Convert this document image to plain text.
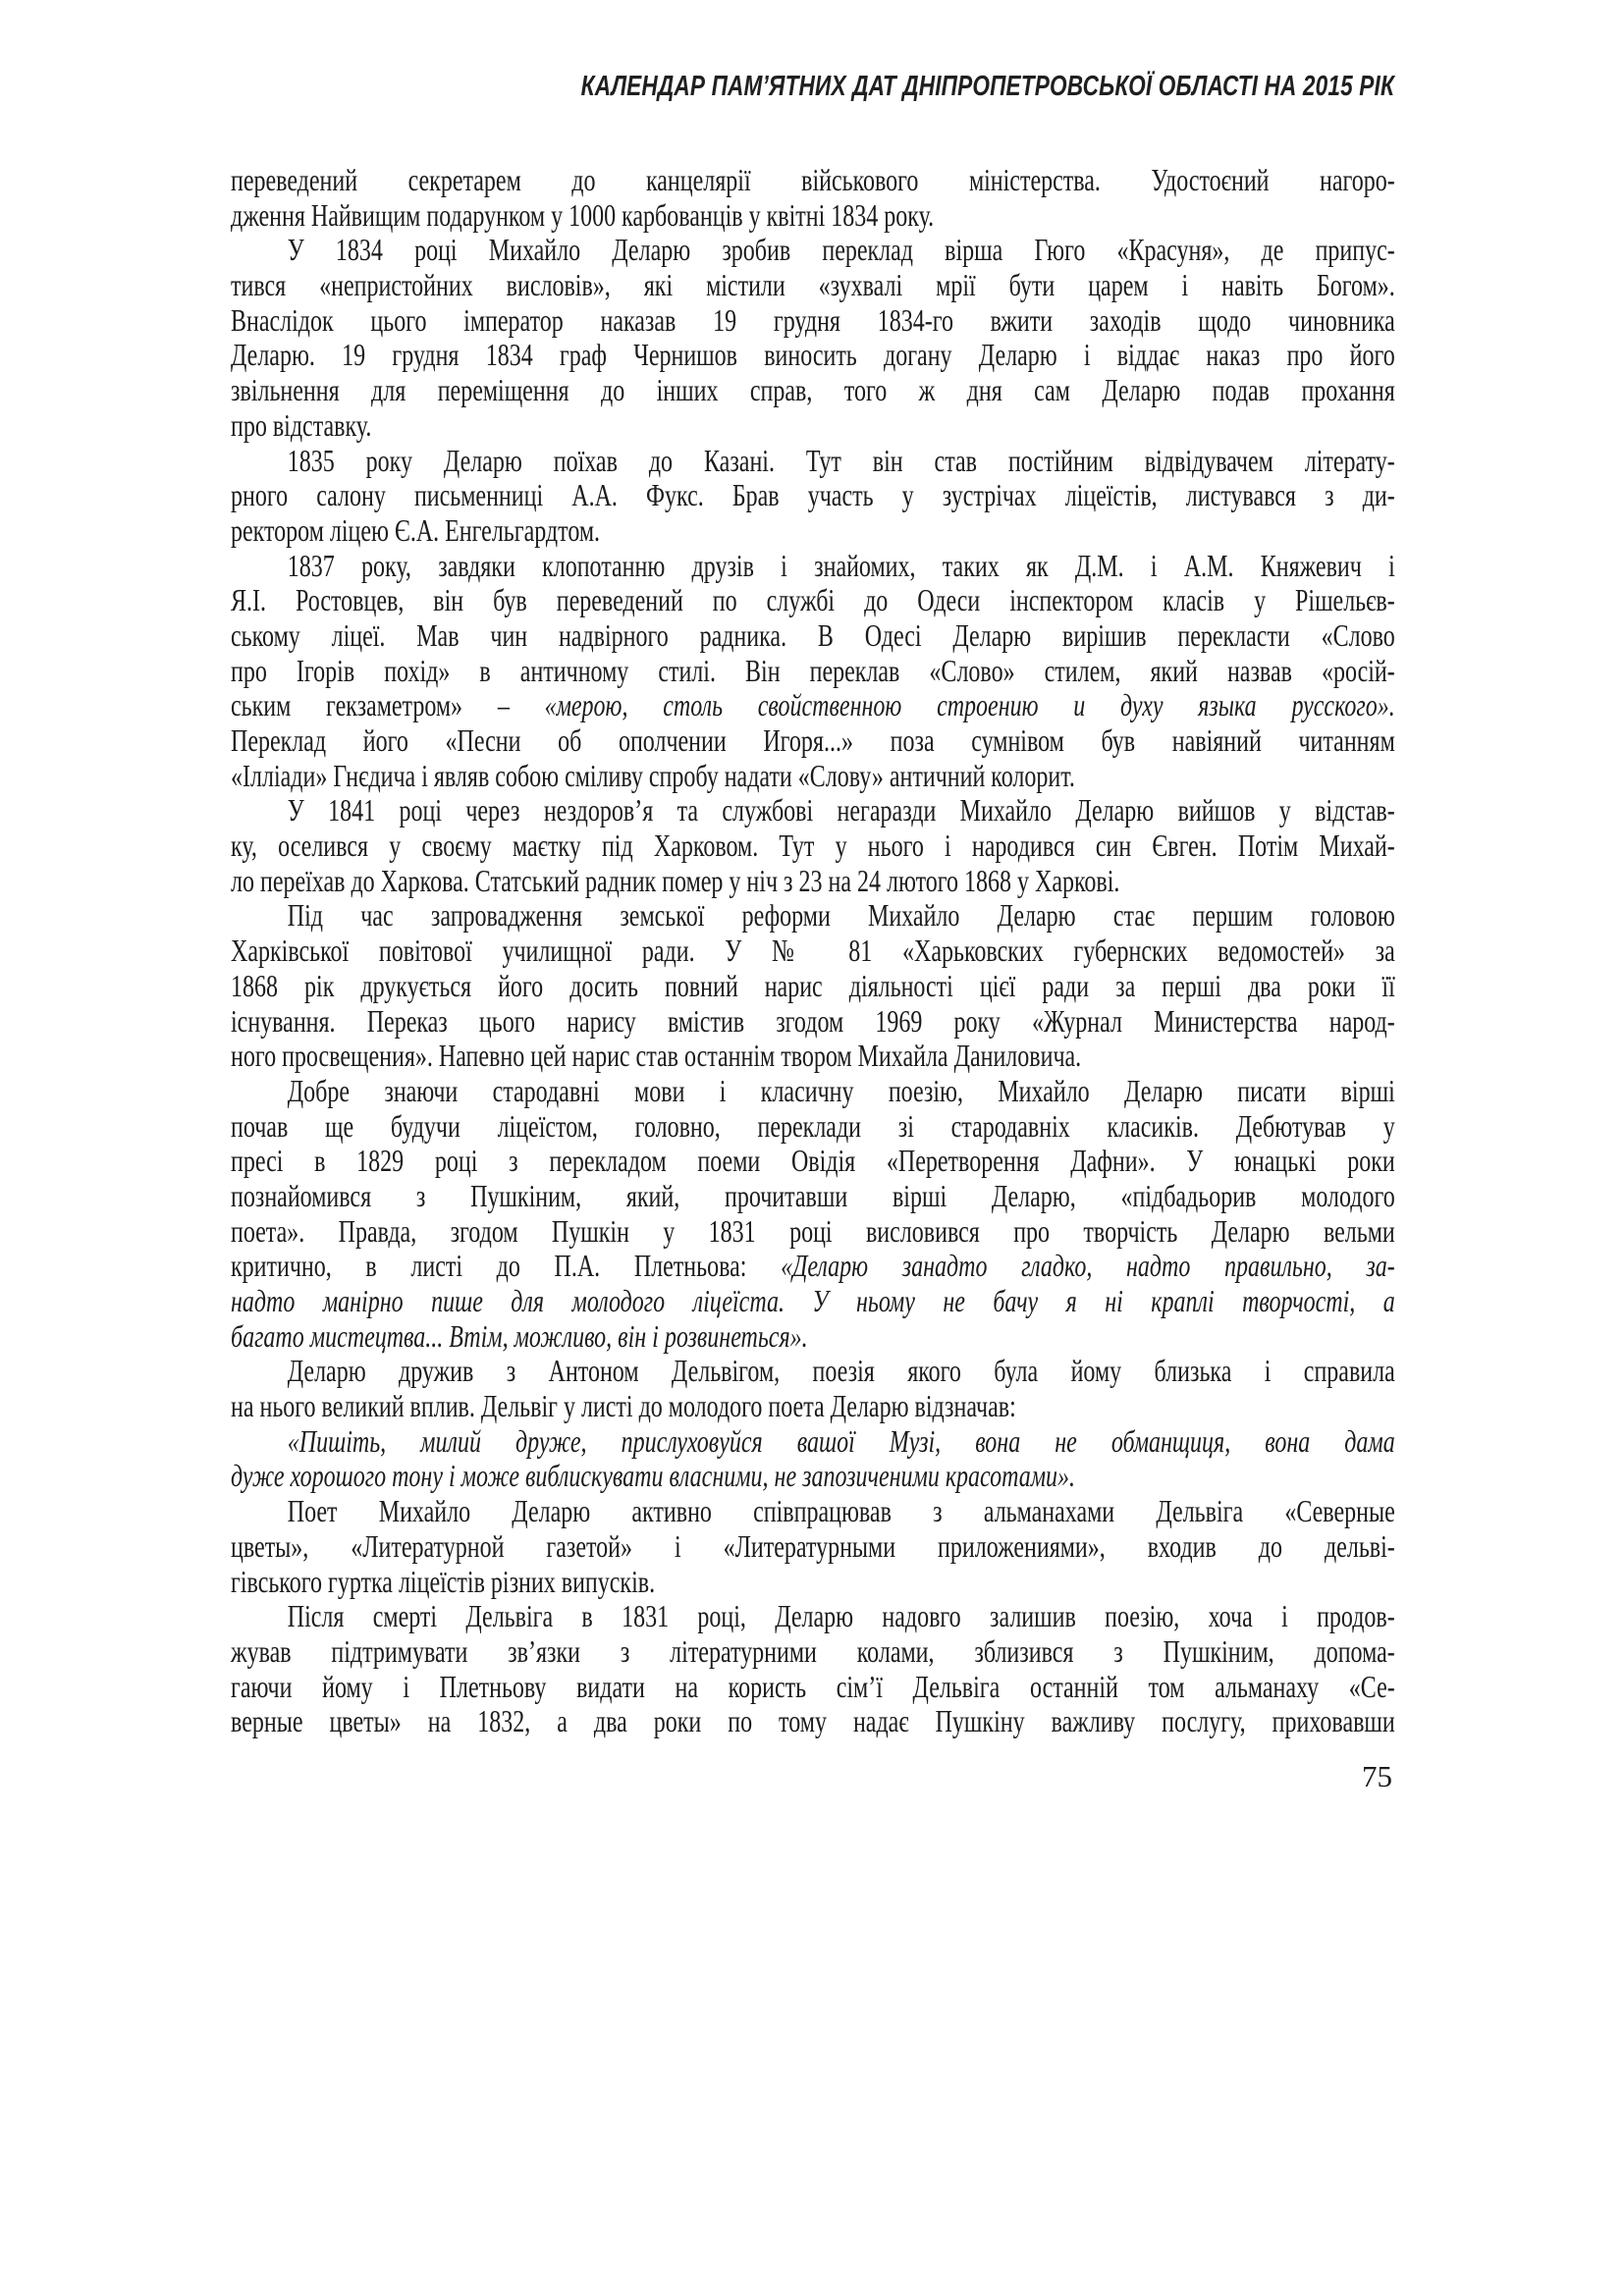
КАЛЕНДАР ПАМ’ЯТНИХ ДАТ ДНІПРОПЕТРОВСЬКОЇ ОБЛАСТІ НА 2015 РІК
переведений секретарем до канцелярії військового міністерства. Удостоєний нагоро-
дження Найвищим подарунком у 1000 карбованців у квітні 1834 року.
У 1834 році Михайло Деларю зробив переклад вірша Гюго «Красуня», де припус-
тився «непристойних висловів», які містили «зухвалі мрії бути царем і навіть Богом».
Внаслідок цього імператор наказав 19 грудня 1834-го вжити заходів щодо чиновника
Деларю. 19 грудня 1834 граф Чернишов виносить догану Деларю і віддає наказ про його
звільнення для переміщення до інших справ, того ж дня сам Деларю подав прохання
про відставку.
1835 року Деларю поїхав до Казані. Тут він став постійним відвідувачем літерату-
рного салону письменниці А.А. Фукс. Брав участь у зустрічах ліцеїстів, листувався з ди-
ректором ліцею Є.А. Енгельгардтом.
1837 року, завдяки клопотанню друзів і знайомих, таких як Д.М. і А.М. Княжевич і
Я.І. Ростовцев, він був переведений по службі до Одеси інспектором класів у Рішельєв-
ському ліцеї. Мав чин надвірного радника. В Одесі Деларю вирішив перекласти «Слово
про Ігорів похід» в античному стилі. Він переклав «Слово» стилем, який назвав «росій-
ським гекзаметром» – «мерою, столь свойственною строению и духу языка русского».
Переклад його «Песни об ополчении Игоря...» поза сумнівом був навіяний читанням
«Ілліади» Гнєдича і являв собою сміливу спробу надати «Слову» античний колорит.
У 1841 році через нездоров’я та службові негаразди Михайло Деларю вийшов у відстав-
ку, оселився у своєму маєтку під Харковом. Тут у нього і народився син Євген. Потім Михай-
ло переїхав до Харкова. Статський радник помер у ніч з 23 на 24 лютого 1868 у Харкові.
Під час запровадження земської реформи Михайло Деларю стає першим головою
Харківської повітової училищної ради. У № 81 «Харьковских губернских ведомостей» за
1868 рік друкується його досить повний нарис діяльності цієї ради за перші два роки її
існування. Переказ цього нарису вмістив згодом 1969 року «Журнал Министерства народ-
ного просвещения». Напевно цей нарис став останнім твором Михайла Даниловича.
Добре знаючи стародавні мови і класичну поезію, Михайло Деларю писати вірші
почав ще будучи ліцеїстом, головно, переклади зі стародавніх класиків. Дебютував у
пресі в 1829 році з перекладом поеми Овідія «Перетворення Дафни». У юнацькі роки
познайомився з Пушкіним, який, прочитавши вірші Деларю, «підбадьорив молодого
поета». Правда, згодом Пушкін у 1831 році висловився про творчість Деларю вельми
критично, в листі до П.А. Плетньова: «Деларю занадто гладко, надто правильно, за-
надто манірно пише для молодого ліцеїста. У ньому не бачу я ні краплі творчості, а
багато мистецтва... Втім, можливо, він і розвинеться».
Деларю дружив з Антоном Дельвігом, поезія якого була йому близька і справила
на нього великий вплив. Дельвіг у листі до молодого поета Деларю відзначав:
«Пишіть, милий друже, прислуховуйся вашої Музі, вона не обманщиця, вона дама
дуже хорошого тону і може виблискувати власними, не запозиченими красотами».
Поет Михайло Деларю активно співпрацював з альманахами Дельвіга «Северные
цветы», «Литературной газетой» і «Литературными приложениями», входив до дельві-
гівського гуртка ліцеїстів різних випусків.
Після смерті Дельвіга в 1831 році, Деларю надовго залишив поезію, хоча і продов-
жував підтримувати зв’язки з літературними колами, зблизився з Пушкіним, допома-
гаючи йому і Плетньову видати на користь сім’ї Дельвіга останній том альманаху «Се-
верные цветы» на 1832, а два роки по тому надає Пушкіну важливу послугу, приховавши
75
